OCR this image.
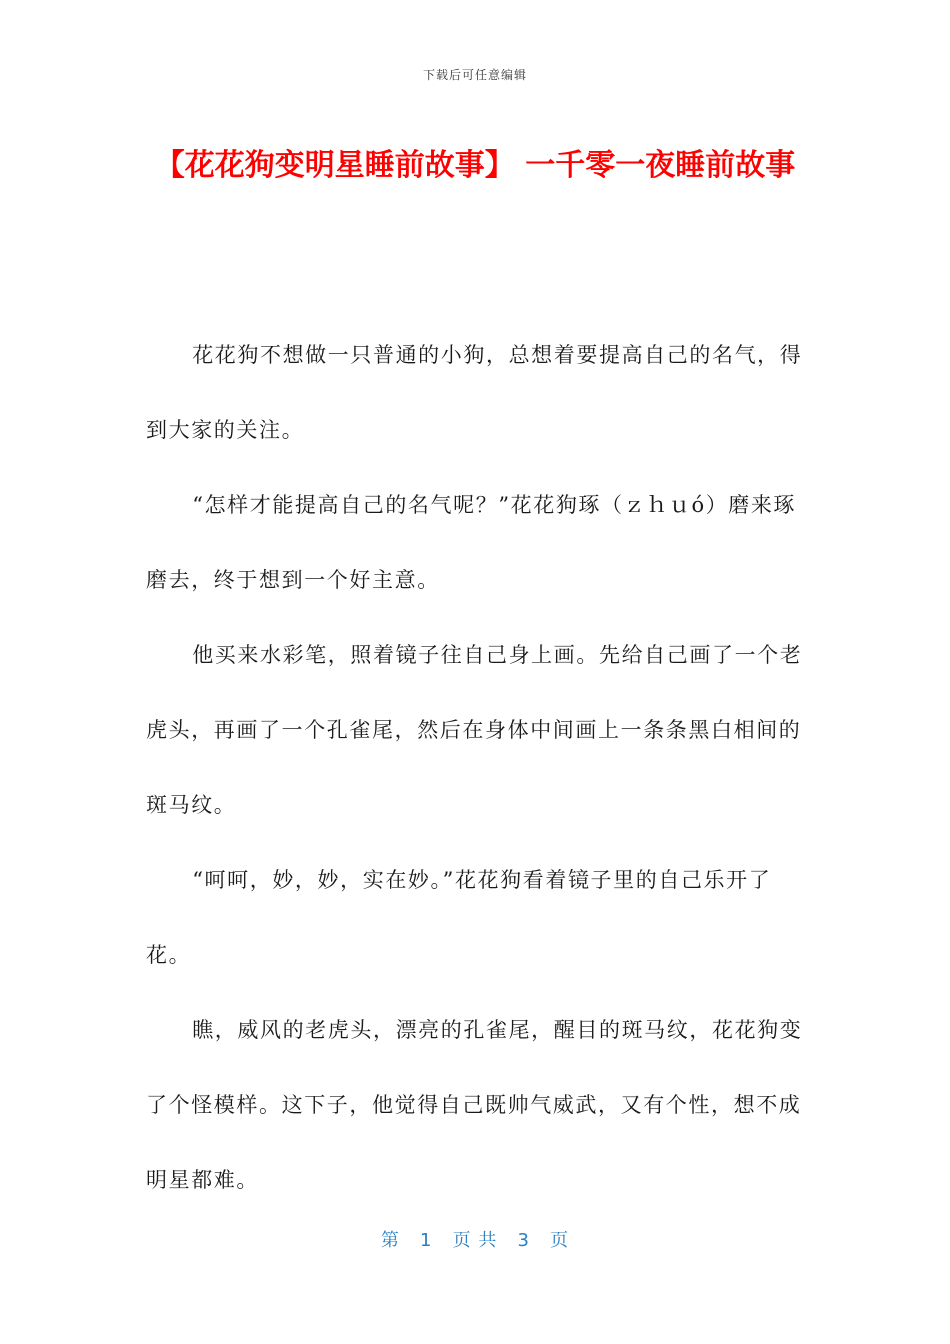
下载后可任意编辑
【花花狗变明星睡前故事】 一千零一夜睡前故事

花花狗不想做一只普通的小狗，总想着要提高自己的名气，得到大家的关注。

“怎样才能提高自己的名气呢？”花花狗琢（ｚｈｕó）磨来琢磨去，终于想到一个好主意。

他买来水彩笔，照着镜子往自己身上画。先给自己画了一个老虎头，再画了一个孔雀尾，然后在身体中间画上一条条黑白相间的斑马纹。

“呵呵，妙，妙，实在妙。”花花狗看着镜子里的自己乐开了花。

瞧，威风的老虎头，漂亮的孔雀尾，醒目的斑马纹，花花狗变了个怪模样。这下子，他觉得自己既帅气威武，又有个性，想不成明星都难。

第   1   页 共   3   页
